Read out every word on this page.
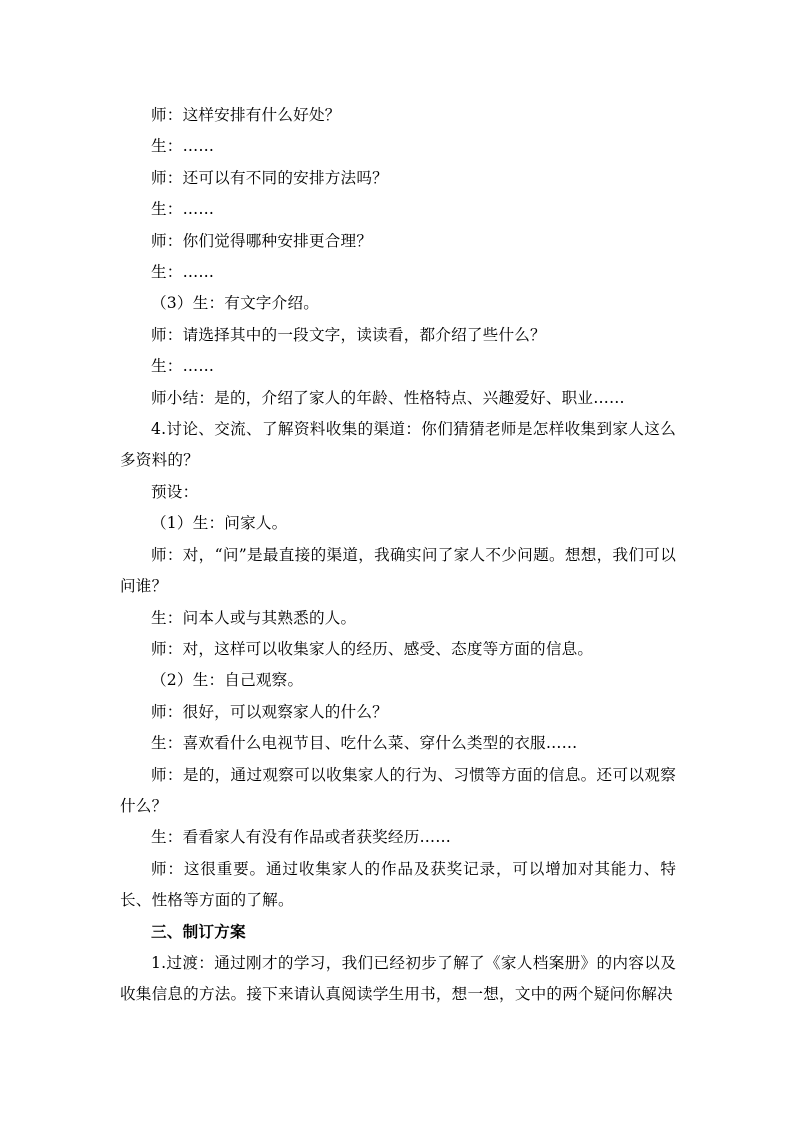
师：这样安排有什么好处？

生：……

师：还可以有不同的安排方法吗？

生：……

师：你们觉得哪种安排更合理？

生：……

（3）生：有文字介绍。

师：请选择其中的一段文字，读读看，都介绍了些什么？

生：……

师小结：是的，介绍了家人的年龄、性格特点、兴趣爱好、职业……

4.讨论、交流、了解资料收集的渠道：你们猜猜老师是怎样收集到家人这么多资料的？

预设：

（1）生：问家人。

师：对，“问”是最直接的渠道，我确实问了家人不少问题。想想，我们可以问谁？

生：问本人或与其熟悉的人。

师：对，这样可以收集家人的经历、感受、态度等方面的信息。

（2）生：自己观察。

师：很好，可以观察家人的什么？

生：喜欢看什么电视节目、吃什么菜、穿什么类型的衣服……

师：是的，通过观察可以收集家人的行为、习惯等方面的信息。还可以观察什么？

生：看看家人有没有作品或者获奖经历……

师：这很重要。通过收集家人的作品及获奖记录，可以增加对其能力、特长、性格等方面的了解。

三、制订方案

1.过渡：通过刚才的学习，我们已经初步了解了《家人档案册》的内容以及收集信息的方法。接下来请认真阅读学生用书，想一想，文中的两个疑问你解决
